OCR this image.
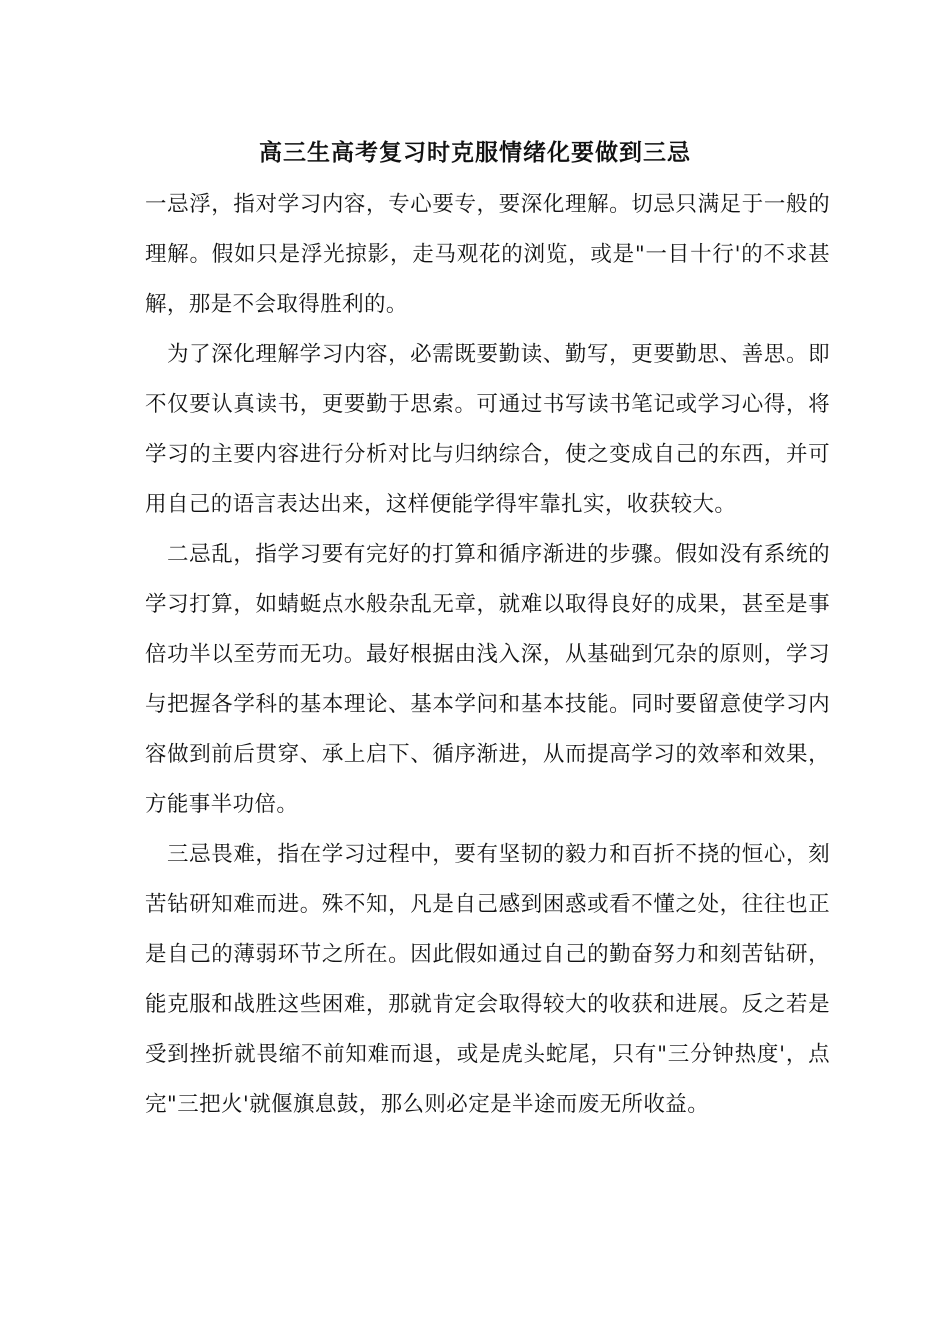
高三生高考复习时克服情绪化要做到三忌

一忌浮，指对学习内容，专心要专，要深化理解。切忌只满足于一般的理解。假如只是浮光掠影，走马观花的浏览，或是"一目十行'的不求甚解，那是不会取得胜利的。

为了深化理解学习内容，必需既要勤读、勤写，更要勤思、善思。即不仅要认真读书，更要勤于思索。可通过书写读书笔记或学习心得，将学习的主要内容进行分析对比与归纳综合，使之变成自己的东西，并可用自己的语言表达出来，这样便能学得牢靠扎实，收获较大。

二忌乱，指学习要有完好的打算和循序渐进的步骤。假如没有系统的学习打算，如蜻蜓点水般杂乱无章，就难以取得良好的成果，甚至是事倍功半以至劳而无功。最好根据由浅入深，从基础到冗杂的原则，学习与把握各学科的基本理论、基本学问和基本技能。同时要留意使学习内容做到前后贯穿、承上启下、循序渐进，从而提高学习的效率和效果，方能事半功倍。

三忌畏难，指在学习过程中，要有坚韧的毅力和百折不挠的恒心，刻苦钻研知难而进。殊不知，凡是自己感到困惑或看不懂之处，往往也正是自己的薄弱环节之所在。因此假如通过自己的勤奋努力和刻苦钻研，能克服和战胜这些困难，那就肯定会取得较大的收获和进展。反之若是受到挫折就畏缩不前知难而退，或是虎头蛇尾，只有"三分钟热度'，点完"三把火'就偃旗息鼓，那么则必定是半途而废无所收益。
